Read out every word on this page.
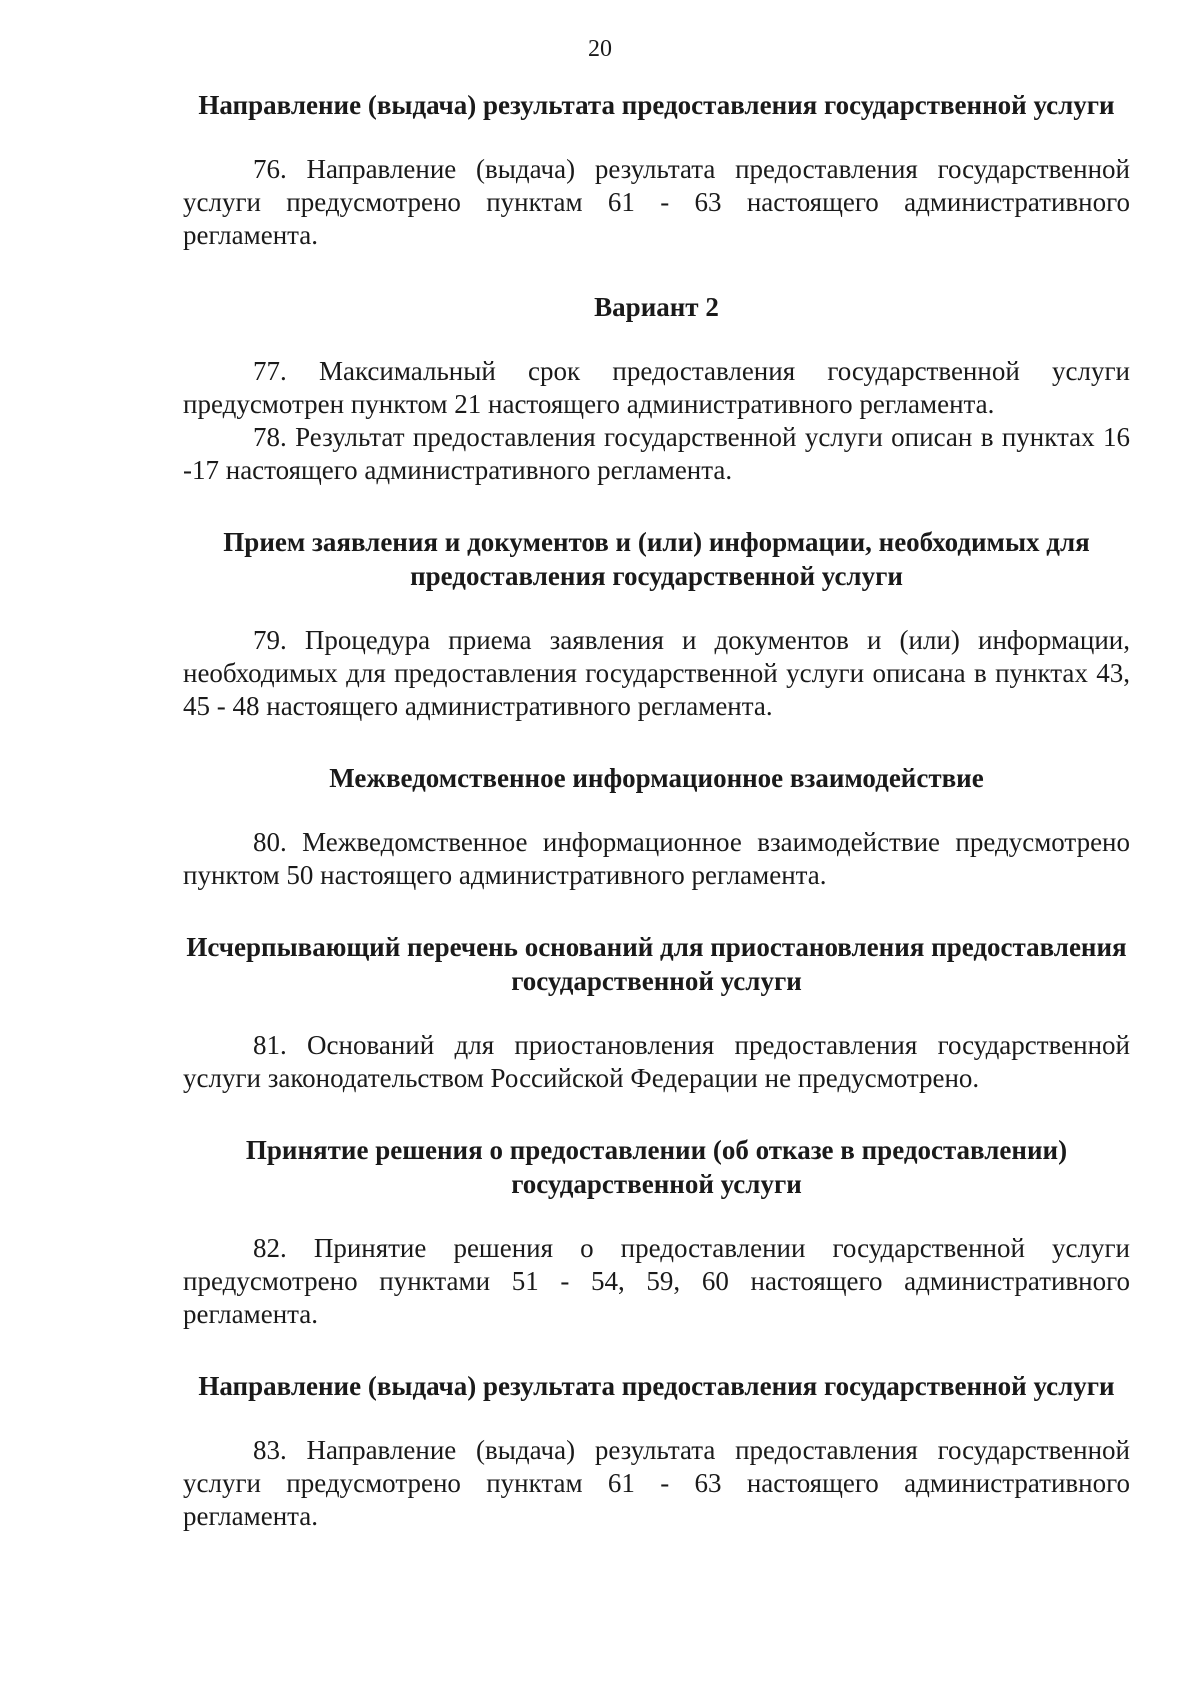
20
Направление (выдача) результата предоставления государственной услуги

76. Направление (выдача) результата предоставления государственной услуги предусмотрено пунктам 61 - 63 настоящего административного регламента.

Вариант 2

77. Максимальный срок предоставления государственной услуги предусмотрен пунктом 21 настоящего административного регламента.

78. Результат предоставления государственной услуги описан в пунктах 16 -17 настоящего административного регламента.

Прием заявления и документов и (или) информации, необходимых для предоставления государственной услуги

79. Процедура приема заявления и документов и (или) информации, необходимых для предоставления государственной услуги описана в пунктах 43, 45 - 48 настоящего административного регламента.

Межведомственное информационное взаимодействие

80. Межведомственное информационное взаимодействие предусмотрено пунктом 50 настоящего административного регламента.

Исчерпывающий перечень оснований для приостановления предоставления государственной услуги

81. Оснований для приостановления предоставления государственной услуги законодательством Российской Федерации не предусмотрено.

Принятие решения о предоставлении (об отказе в предоставлении) государственной услуги

82. Принятие решения о предоставлении государственной услуги предусмотрено пунктами 51 - 54, 59, 60 настоящего административного регламента.

Направление (выдача) результата предоставления государственной услуги

83. Направление (выдача) результата предоставления государственной услуги предусмотрено пунктам 61 - 63 настоящего административного регламента.
